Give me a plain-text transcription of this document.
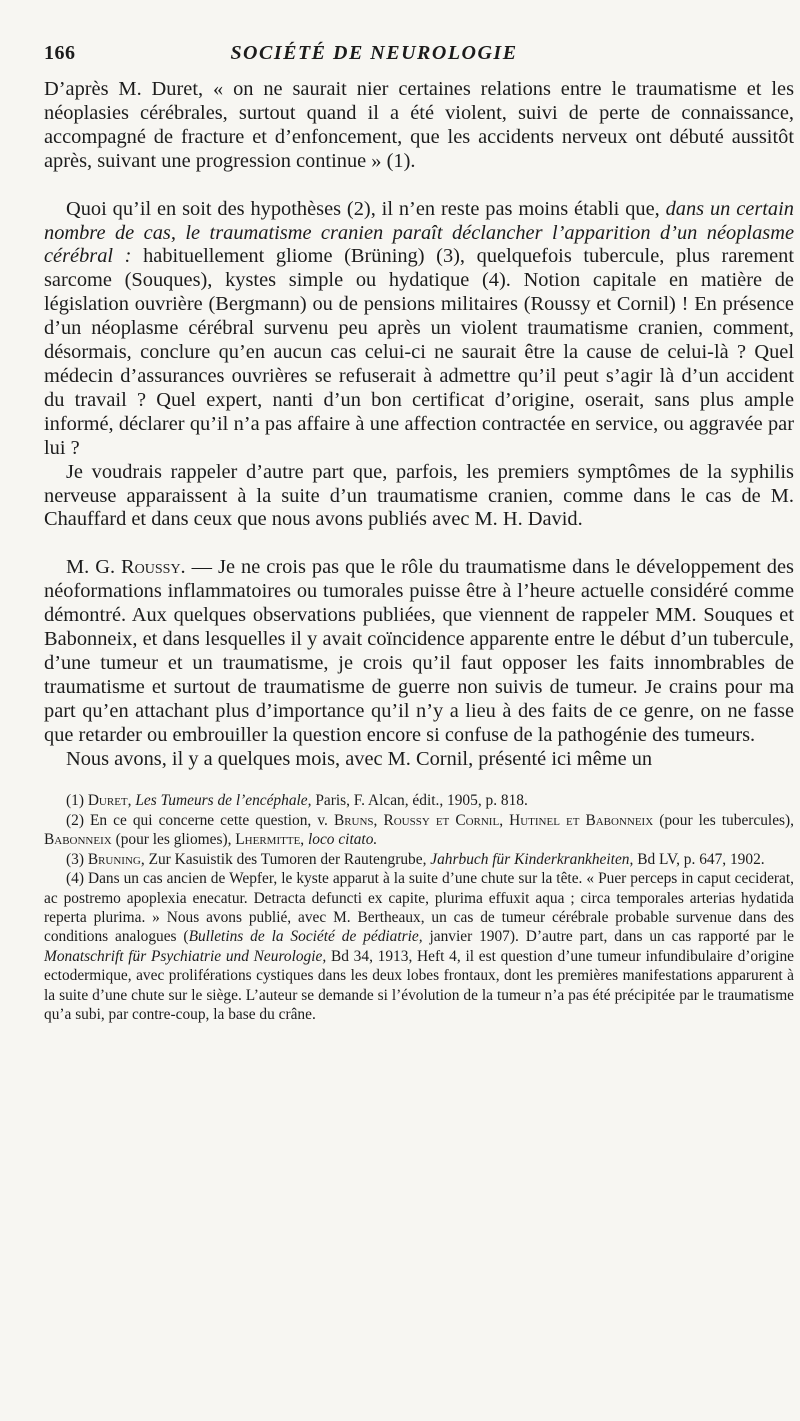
166	SOCIÉTÉ DE NEUROLOGIE

D’après M. Duret, « on ne saurait nier certaines relations entre le traumatisme et les néoplasies cérébrales, surtout quand il a été violent, suivi de perte de connaissance, accompagné de fracture et d’enfoncement, que les accidents nerveux ont débuté aussitôt après, suivant une progression continue » (1).

Quoi qu’il en soit des hypothèses (2), il n’en reste pas moins établi que, dans un certain nombre de cas, le traumatisme cranien paraît déclancher l’apparition d’un néoplasme cérébral : habituellement gliome (Brüning) (3), quelquefois tubercule, plus rarement sarcome (Souques), kystes simple ou hydatique (4). Notion capitale en matière de législation ouvrière (Bergmann) ou de pensions militaires (Roussy et Cornil) ! En présence d’un néoplasme cérébral survenu peu après un violent traumatisme cranien, comment, désormais, conclure qu’en aucun cas celui-ci ne saurait être la cause de celui-là ? Quel médecin d’assurances ouvrières se refuserait à admettre qu’il peut s’agir là d’un accident du travail ? Quel expert, nanti d’un bon certificat d’origine, oserait, sans plus ample informé, déclarer qu’il n’a pas affaire à une affection contractée en service, ou aggravée par lui ?

Je voudrais rappeler d’autre part que, parfois, les premiers symptômes de la syphilis nerveuse apparaissent à la suite d’un traumatisme cranien, comme dans le cas de M. Chauffard et dans ceux que nous avons publiés avec M. H. David.

M. G. Roussy. — Je ne crois pas que le rôle du traumatisme dans le développement des néoformations inflammatoires ou tumorales puisse être à l’heure actuelle considéré comme démontré. Aux quelques observations publiées, que viennent de rappeler MM. Souques et Babonneix, et dans lesquelles il y avait coïncidence apparente entre le début d’un tubercule, d’une tumeur et un traumatisme, je crois qu’il faut opposer les faits innombrables de traumatisme et surtout de traumatisme de guerre non suivis de tumeur. Je crains pour ma part qu’en attachant plus d’importance qu’il n’y a lieu à des faits de ce genre, on ne fasse que retarder ou embrouiller la question encore si confuse de la pathogénie des tumeurs.

Nous avons, il y a quelques mois, avec M. Cornil, présenté ici même un

(1) Duret, Les Tumeurs de l’encéphale, Paris, F. Alcan, édit., 1905, p. 818.

(2) En ce qui concerne cette question, v. Bruns, Roussy et Cornil, Hutinel et Babonneix (pour les tubercules), Babonneix (pour les gliomes), Lhermitte, loco citato.

(3) Bruning, Zur Kasuistik des Tumoren der Rautengrube, Jahrbuch für Kinderkrankheiten, Bd LV, p. 647, 1902.

(4) Dans un cas ancien de Wepfer, le kyste apparut à la suite d’une chute sur la tête. « Puer perceps in caput ceciderat, ac postremo apoplexia enecatur. Detracta defuncti ex capite, plurima effuxit aqua ; circa temporales arterias hydatida reperta plurima. » Nous avons publié, avec M. Bertheaux, un cas de tumeur cérébrale probable survenue dans des conditions analogues (Bulletins de la Société de pédiatrie, janvier 1907). D’autre part, dans un cas rapporté par le Monatschrift für Psychiatrie und Neurologie, Bd 34, 1913, Heft 4, il est question d’une tumeur infundibulaire d’origine ectodermique, avec proliférations cystiques dans les deux lobes frontaux, dont les premières manifestations apparurent à la suite d’une chute sur le siège. L’auteur se demande si l’évolution de la tumeur n’a pas été précipitée par le traumatisme qu’a subi, par contre-coup, la base du crâne.
